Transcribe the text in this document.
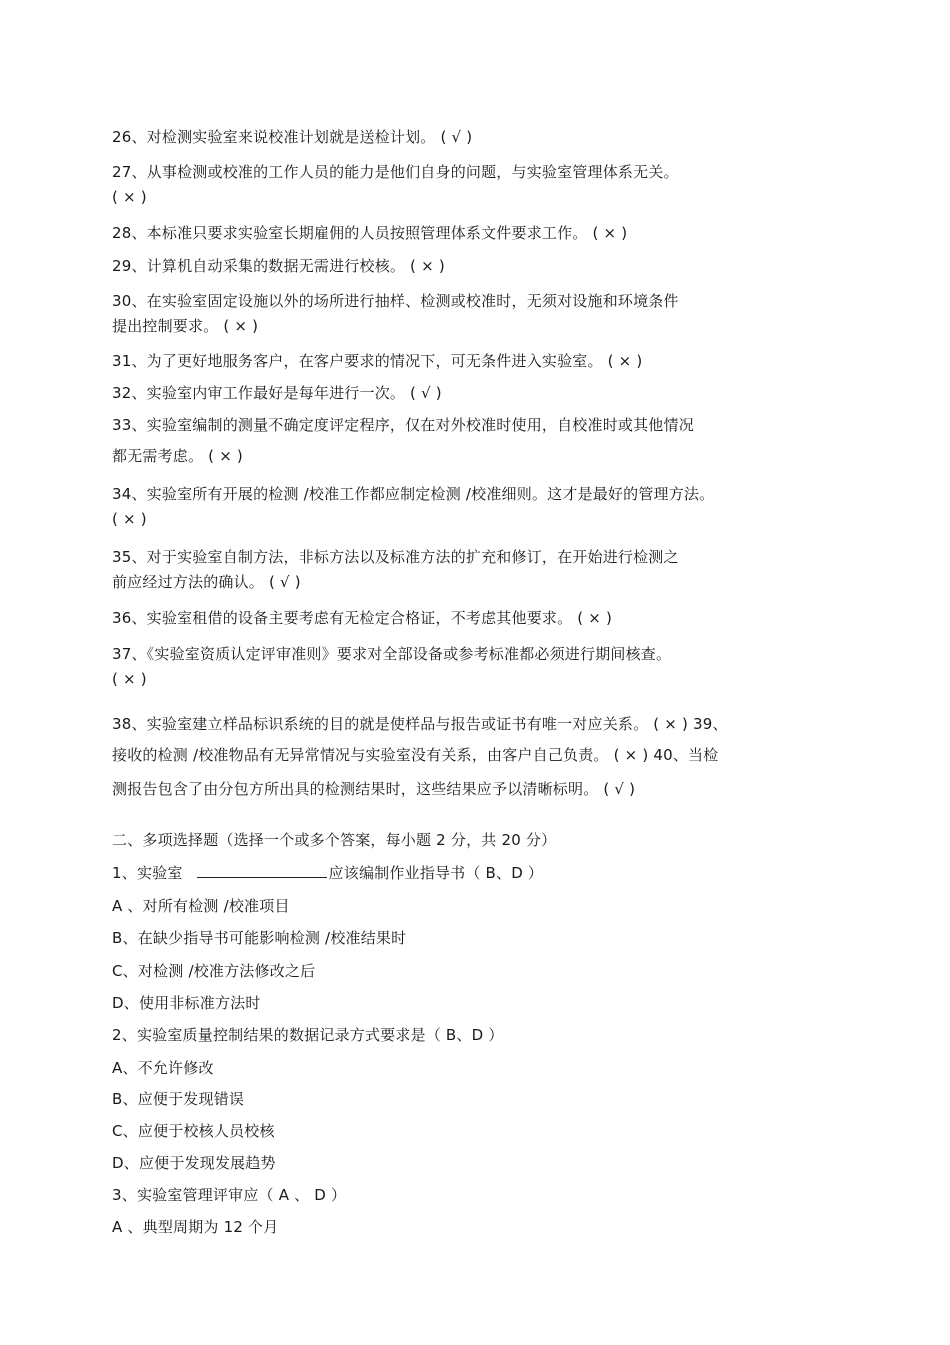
26、对检测实验室来说校准计划就是送检计划。 ( √ )
27、从事检测或校准的工作人员的能力是他们自身的问题，与实验室管理体系无关。
( × )
28、本标准只要求实验室长期雇佣的人员按照管理体系文件要求工作。 ( × )
29、计算机自动采集的数据无需进行校核。 ( × )
30、在实验室固定设施以外的场所进行抽样、检测或校准时，无须对设施和环境条件
提出控制要求。 ( × )
31、为了更好地服务客户，在客户要求的情况下，可无条件进入实验室。 ( × )
32、实验室内审工作最好是每年进行一次。 ( √ )
33、实验室编制的测量不确定度评定程序，仅在对外校准时使用，自校准时或其他情况
都无需考虑。 ( × )
34、实验室所有开展的检测 /校准工作都应制定检测 /校准细则。这才是最好的管理方法。
( × )
35、对于实验室自制方法，非标方法以及标准方法的扩充和修订，在开始进行检测之
前应经过方法的确认。 ( √ )
36、实验室租借的设备主要考虑有无检定合格证，不考虑其他要求。 ( × )
37、《实验室资质认定评审准则》要求对全部设备或参考标准都必须进行期间核查。
( × )
38、实验室建立样品标识系统的目的就是使样品与报告或证书有唯一对应关系。 ( × ) 39、
接收的检测 /校准物品有无异常情况与实验室没有关系，由客户自己负责。 ( × ) 40、当检
测报告包含了由分包方所出具的检测结果时，这些结果应予以清晰标明。 ( √ )
二、多项选择题（选择一个或多个答案，每小题 2 分，共 20 分）
1、实验室	应该编制作业指导书（ B、D ）
A 、对所有检测 /校准项目
B、在缺少指导书可能影响检测 /校准结果时
C、对检测 /校准方法修改之后
D、使用非标准方法时
2、实验室质量控制结果的数据记录方式要求是（ B、D ）
A、不允许修改
B、应便于发现错误
C、应便于校核人员校核
D、应便于发现发展趋势
3、实验室管理评审应（ A 、 D ）
A 、典型周期为 12 个月
